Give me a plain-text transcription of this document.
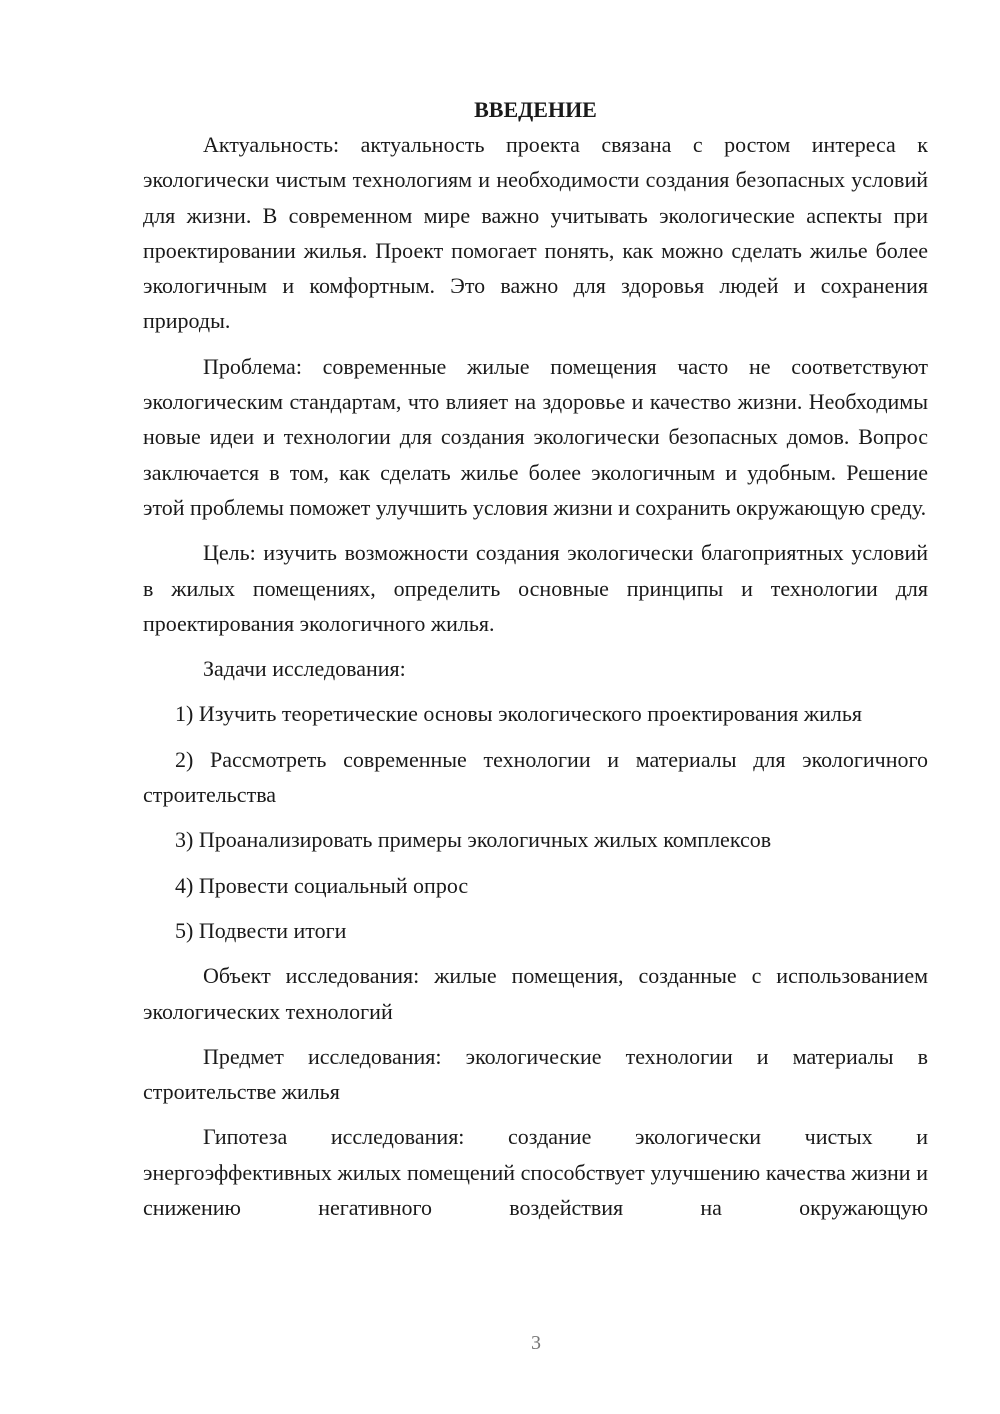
ВВЕДЕНИЕ

Актуальность: актуальность проекта связана с ростом интереса к экологически чистым технологиям и необходимости создания безопасных условий для жизни. В современном мире важно учитывать экологические аспекты при проектировании жилья. Проект помогает понять, как можно сделать жилье более экологичным и комфортным. Это важно для здоровья людей и сохранения природы.

Проблема: современные жилые помещения часто не соответствуют экологическим стандартам, что влияет на здоровье и качество жизни. Необходимы новые идеи и технологии для создания экологически безопасных домов. Вопрос заключается в том, как сделать жилье более экологичным и удобным. Решение этой проблемы поможет улучшить условия жизни и сохранить окружающую среду.

Цель: изучить возможности создания экологически благоприятных условий в жилых помещениях, определить основные принципы и технологии для проектирования экологичного жилья.

Задачи исследования:

1) Изучить теоретические основы экологического проектирования жилья

2) Рассмотреть современные технологии и материалы для экологичного строительства

3) Проанализировать примеры экологичных жилых комплексов

4) Провести социальный опрос

5) Подвести итоги

Объект исследования: жилые помещения, созданные с использованием экологических технологий

Предмет исследования: экологические технологии и материалы в строительстве жилья

Гипотеза исследования: создание экологически чистых и энергоэффективных жилых помещений способствует улучшению качества жизни и снижению негативного воздействия на окружающую

3
